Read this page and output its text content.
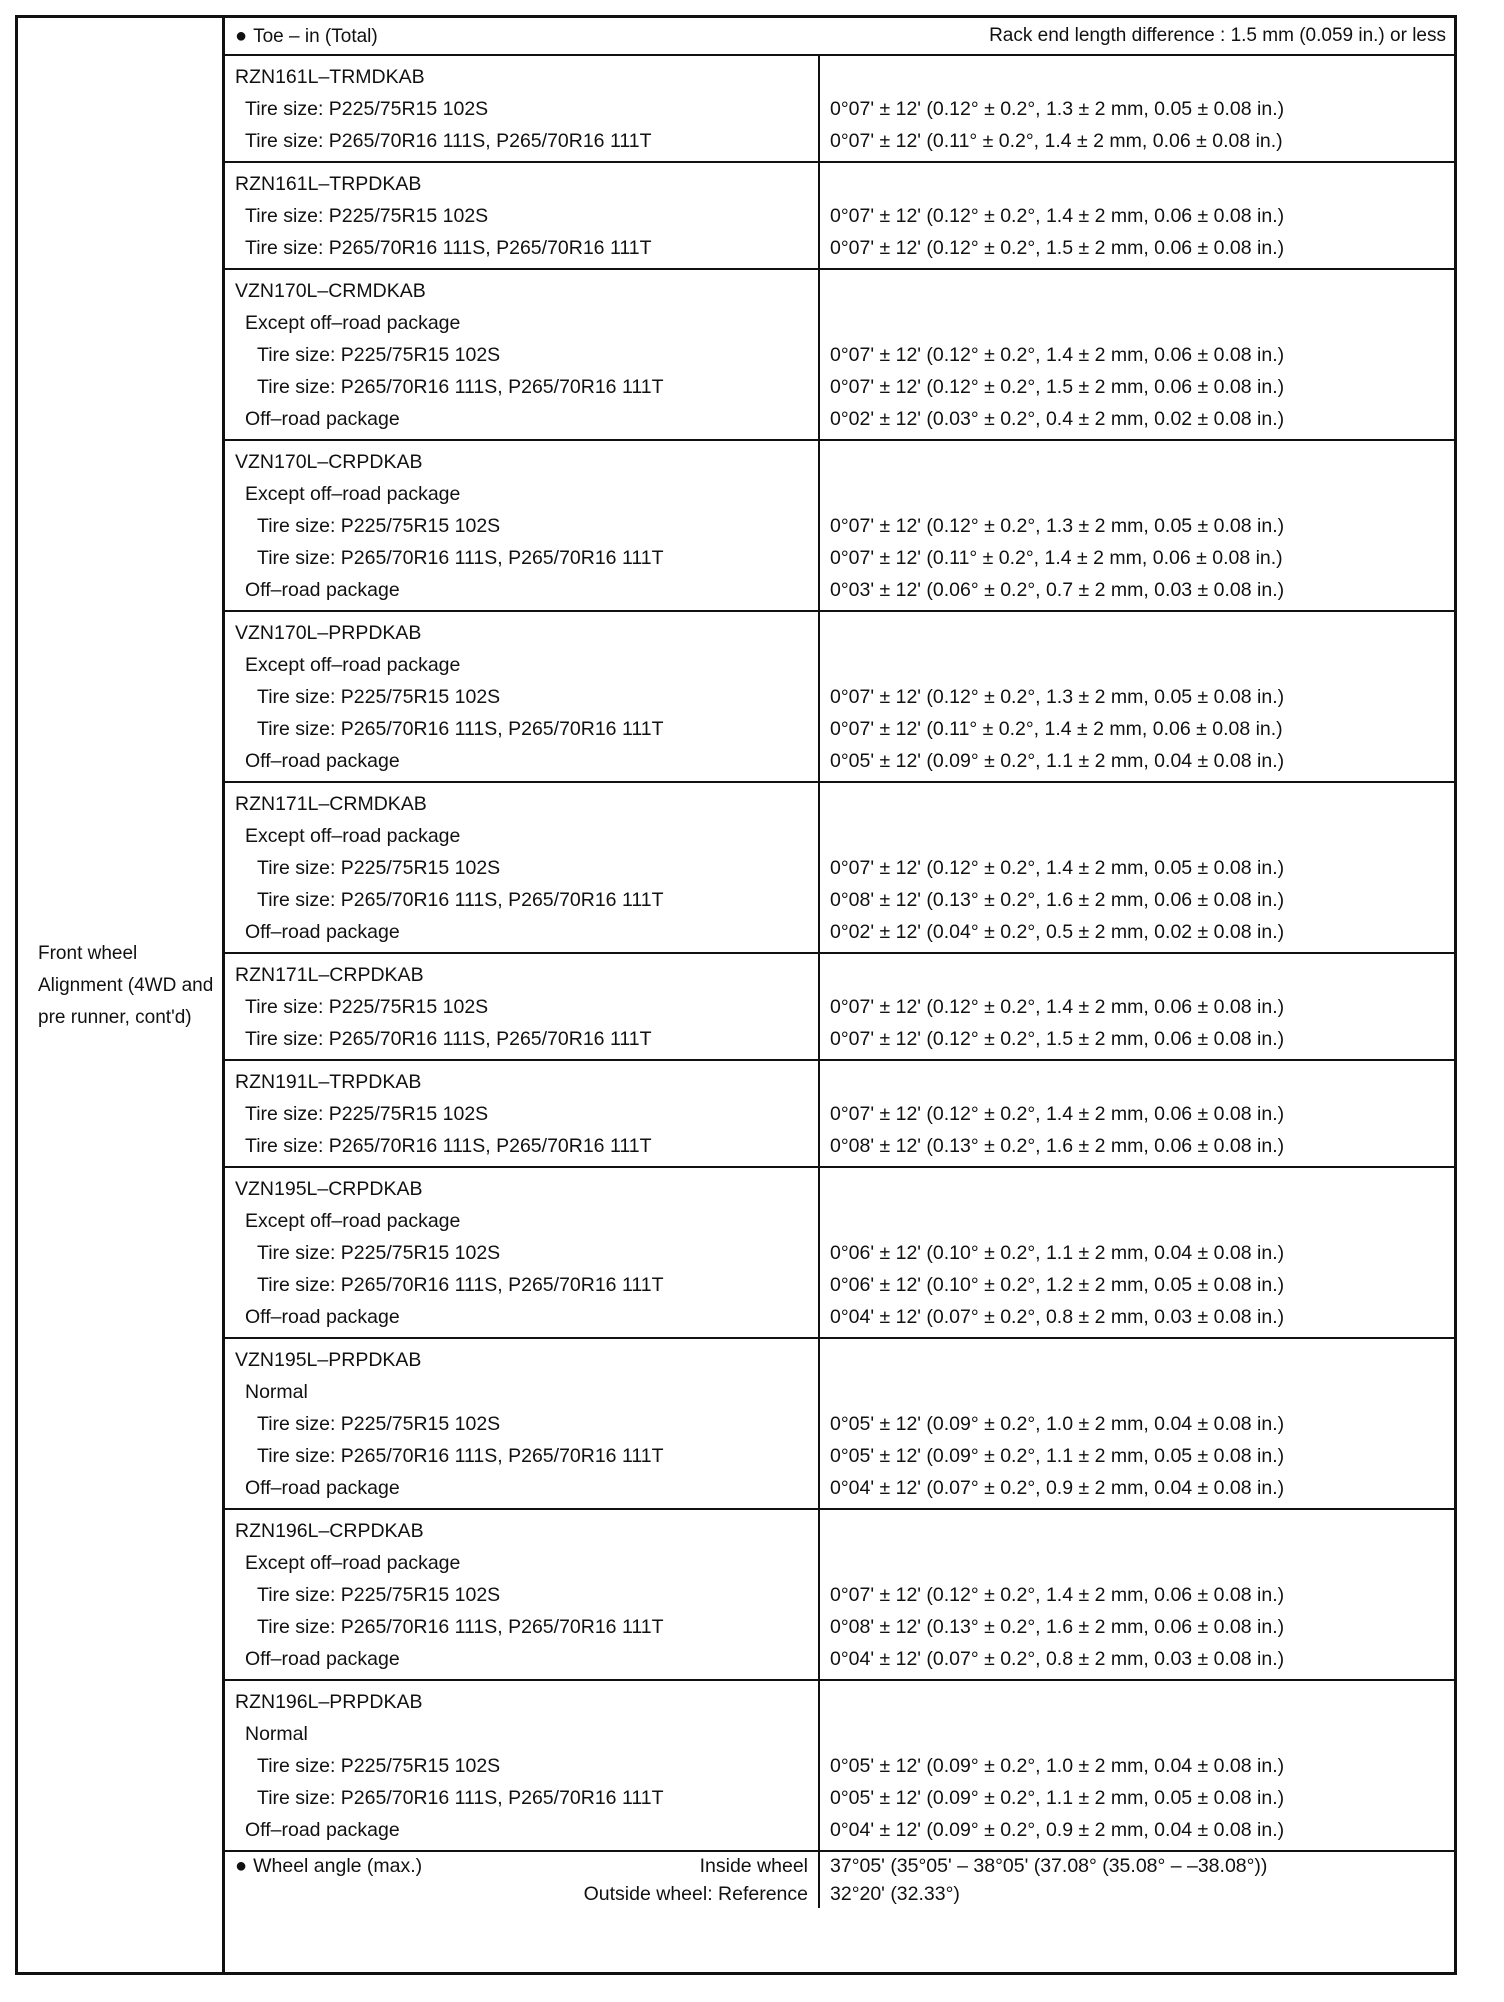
Front wheel Alignment (4WD and pre runner, cont'd)
● Toe – in (Total)	Rack end length difference : 1.5 mm (0.059 in.) or less
RZN161L–TRMDKAB
Tire size: P225/75R15 102S
Tire size: P265/70R16 111S, P265/70R16 111T
0°07' ± 12' (0.12° ± 0.2°, 1.3 ± 2 mm, 0.05 ± 0.08 in.)
0°07' ± 12' (0.11° ± 0.2°, 1.4 ± 2 mm, 0.06 ± 0.08 in.)
RZN161L–TRPDKAB
Tire size: P225/75R15 102S
Tire size: P265/70R16 111S, P265/70R16 111T
0°07' ± 12' (0.12° ± 0.2°, 1.4 ± 2 mm, 0.06 ± 0.08 in.)
0°07' ± 12' (0.12° ± 0.2°, 1.5 ± 2 mm, 0.06 ± 0.08 in.)
VZN170L–CRMDKAB
Except off–road package
Tire size: P225/75R15 102S
Tire size: P265/70R16 111S, P265/70R16 111T
Off–road package
0°07' ± 12' (0.12° ± 0.2°, 1.4 ± 2 mm, 0.06 ± 0.08 in.)
0°07' ± 12' (0.12° ± 0.2°, 1.5 ± 2 mm, 0.06 ± 0.08 in.)
0°02' ± 12' (0.03° ± 0.2°, 0.4 ± 2 mm, 0.02 ± 0.08 in.)
VZN170L–CRPDKAB
Except off–road package
Tire size: P225/75R15 102S
Tire size: P265/70R16 111S, P265/70R16 111T
Off–road package
0°07' ± 12' (0.12° ± 0.2°, 1.3 ± 2 mm, 0.05 ± 0.08 in.)
0°07' ± 12' (0.11° ± 0.2°, 1.4 ± 2 mm, 0.06 ± 0.08 in.)
0°03' ± 12' (0.06° ± 0.2°, 0.7 ± 2 mm, 0.03 ± 0.08 in.)
VZN170L–PRPDKAB
Except off–road package
Tire size: P225/75R15 102S
Tire size: P265/70R16 111S, P265/70R16 111T
Off–road package
0°07' ± 12' (0.12° ± 0.2°, 1.3 ± 2 mm, 0.05 ± 0.08 in.)
0°07' ± 12' (0.11° ± 0.2°, 1.4 ± 2 mm, 0.06 ± 0.08 in.)
0°05' ± 12' (0.09° ± 0.2°, 1.1 ± 2 mm, 0.04 ± 0.08 in.)
RZN171L–CRMDKAB
Except off–road package
Tire size: P225/75R15 102S
Tire size: P265/70R16 111S, P265/70R16 111T
Off–road package
0°07' ± 12' (0.12° ± 0.2°, 1.4 ± 2 mm, 0.05 ± 0.08 in.)
0°08' ± 12' (0.13° ± 0.2°, 1.6 ± 2 mm, 0.06 ± 0.08 in.)
0°02' ± 12' (0.04° ± 0.2°, 0.5 ± 2 mm, 0.02 ± 0.08 in.)
RZN171L–CRPDKAB
Tire size: P225/75R15 102S
Tire size: P265/70R16 111S, P265/70R16 111T
0°07' ± 12' (0.12° ± 0.2°, 1.4 ± 2 mm, 0.06 ± 0.08 in.)
0°07' ± 12' (0.12° ± 0.2°, 1.5 ± 2 mm, 0.06 ± 0.08 in.)
RZN191L–TRPDKAB
Tire size: P225/75R15 102S
Tire size: P265/70R16 111S, P265/70R16 111T
0°07' ± 12' (0.12° ± 0.2°, 1.4 ± 2 mm, 0.06 ± 0.08 in.)
0°08' ± 12' (0.13° ± 0.2°, 1.6 ± 2 mm, 0.06 ± 0.08 in.)
VZN195L–CRPDKAB
Except off–road package
Tire size: P225/75R15 102S
Tire size: P265/70R16 111S, P265/70R16 111T
Off–road package
0°06' ± 12' (0.10° ± 0.2°, 1.1 ± 2 mm, 0.04 ± 0.08 in.)
0°06' ± 12' (0.10° ± 0.2°, 1.2 ± 2 mm, 0.05 ± 0.08 in.)
0°04' ± 12' (0.07° ± 0.2°, 0.8 ± 2 mm, 0.03 ± 0.08 in.)
VZN195L–PRPDKAB
Normal
Tire size: P225/75R15 102S
Tire size: P265/70R16 111S, P265/70R16 111T
Off–road package
0°05' ± 12' (0.09° ± 0.2°, 1.0 ± 2 mm, 0.04 ± 0.08 in.)
0°05' ± 12' (0.09° ± 0.2°, 1.1 ± 2 mm, 0.05 ± 0.08 in.)
0°04' ± 12' (0.07° ± 0.2°, 0.9 ± 2 mm, 0.04 ± 0.08 in.)
RZN196L–CRPDKAB
Except off–road package
Tire size: P225/75R15 102S
Tire size: P265/70R16 111S, P265/70R16 111T
Off–road package
0°07' ± 12' (0.12° ± 0.2°, 1.4 ± 2 mm, 0.06 ± 0.08 in.)
0°08' ± 12' (0.13° ± 0.2°, 1.6 ± 2 mm, 0.06 ± 0.08 in.)
0°04' ± 12' (0.07° ± 0.2°, 0.8 ± 2 mm, 0.03 ± 0.08 in.)
RZN196L–PRPDKAB
Normal
Tire size: P225/75R15 102S
Tire size: P265/70R16 111S, P265/70R16 111T
Off–road package
0°05' ± 12' (0.09° ± 0.2°, 1.0 ± 2 mm, 0.04 ± 0.08 in.)
0°05' ± 12' (0.09° ± 0.2°, 1.1 ± 2 mm, 0.05 ± 0.08 in.)
0°04' ± 12' (0.09° ± 0.2°, 0.9 ± 2 mm, 0.04 ± 0.08 in.)
● Wheel angle (max.)	Inside wheel
Outside wheel: Reference
37°05' (35°05' – 38°05' (37.08° (35.08° – –38.08°))
32°20' (32.33°)
